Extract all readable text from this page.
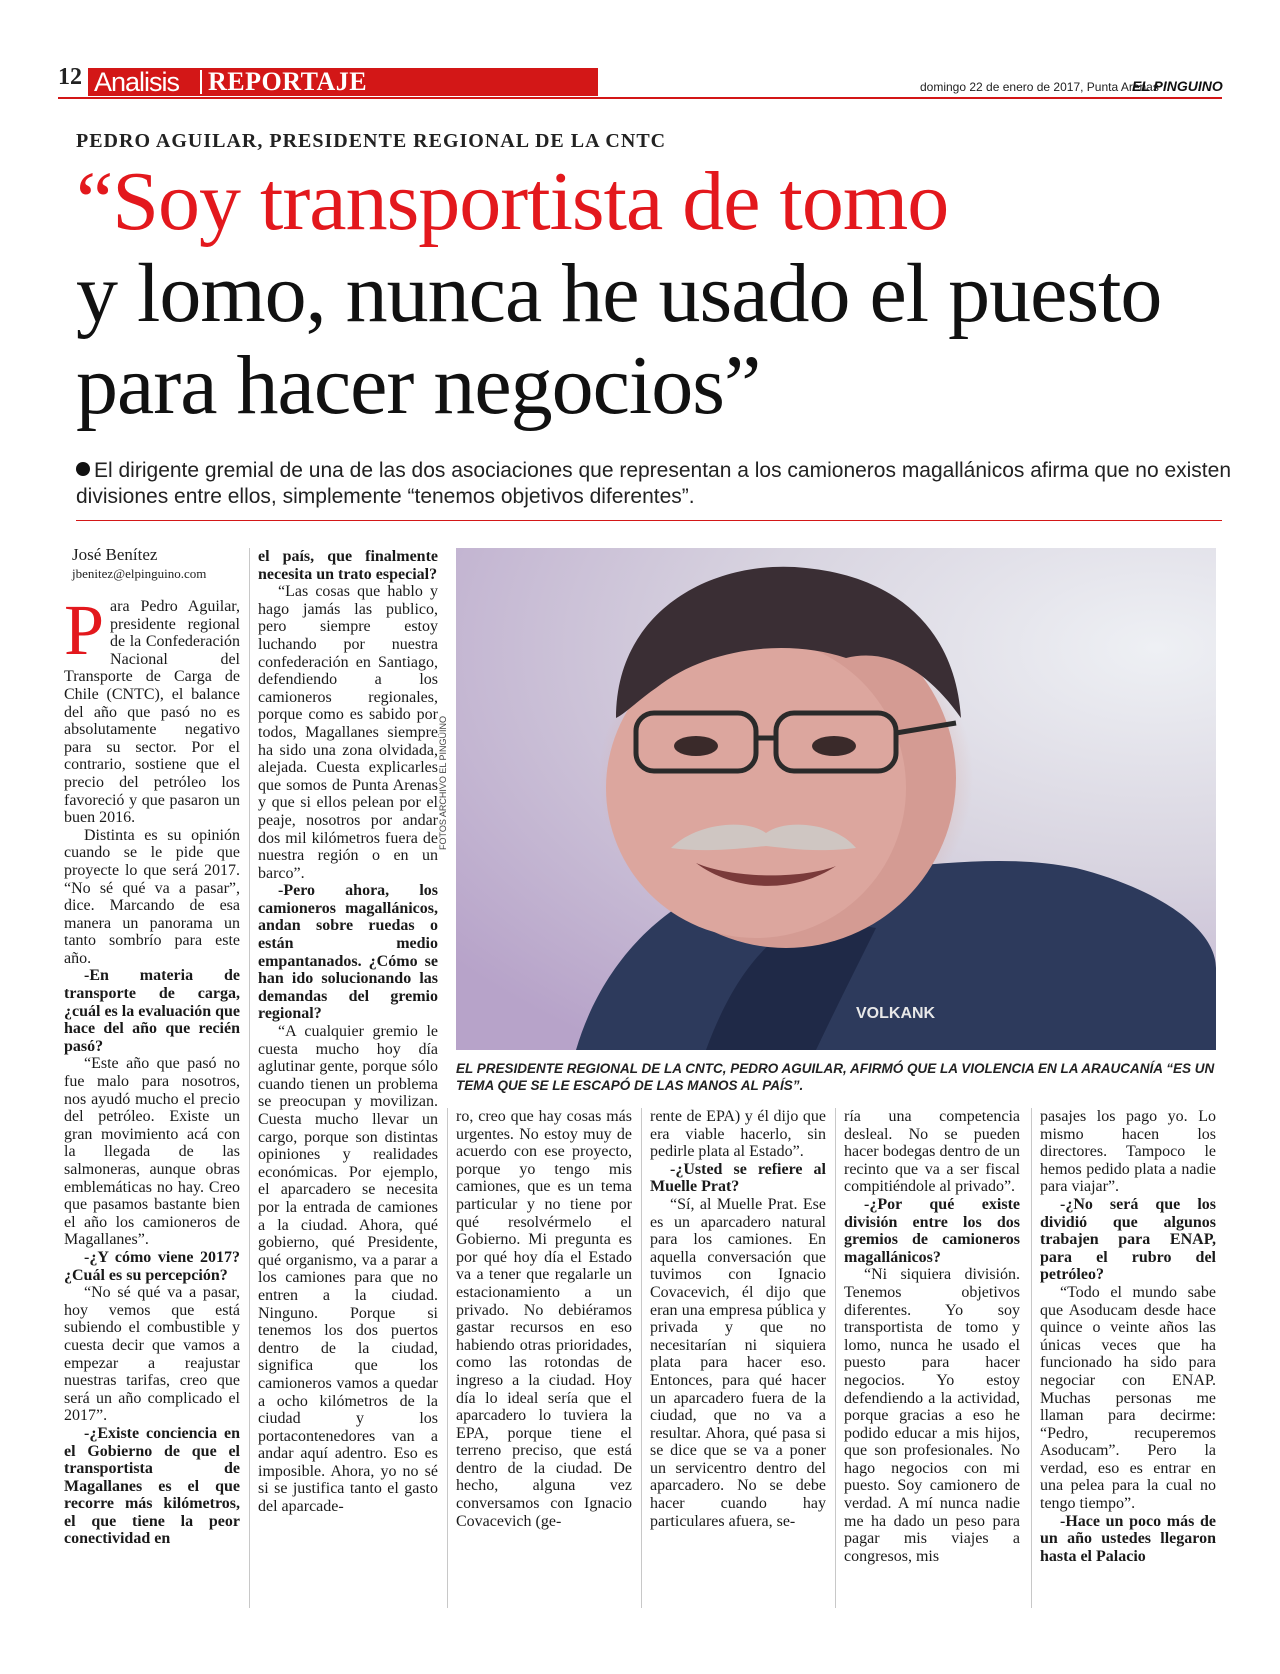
12 Analisis REPORTAJE	domingo 22 de enero de 2017, Punta Arenas
EL PINGUINO
PEDRO AGUILAR, PRESIDENTE REGIONAL DE LA CNTC
“Soy transportista de tomo
y lomo, nunca he usado el puesto para hacer negocios”
El dirigente gremial de una de las dos asociaciones que representan a los camioneros magallánicos afirma que no existen divisiones entre ellos, simplemente “tenemos objetivos diferentes”.
José Benítez
jbenitez@elpinguino.com

Para Pedro Aguilar, presidente regional de la Confederación Nacional del Transporte de Carga de Chile (CNTC), el balance del año que pasó no es absolutamente negativo para su sector. Por el contrario, sostiene que el precio del petróleo los favoreció y que pasaron un buen 2016.

Distinta es su opinión cuando se le pide que proyecte lo que será 2017. “No sé qué va a pasar”, dice. Marcando de esa manera un panorama un tanto sombrío para este año.

-En materia de transporte de carga, ¿cuál es la evaluación que hace del año que recién pasó?

“Este año que pasó no fue malo para nosotros, nos ayudó mucho el precio del petróleo. Existe un gran movimiento acá con la llegada de las salmoneras, aunque obras emblemáticas no hay. Creo que pasamos bastante bien el año los camioneros de Magallanes”.

-¿Y cómo viene 2017? ¿Cuál es su percepción?

“No sé qué va a pasar, hoy vemos que está subiendo el combustible y cuesta decir que vamos a empezar a reajustar nuestras tarifas, creo que será un año complicado el 2017”.

-¿Existe conciencia en el Gobierno de que el transportista de Magallanes es el que recorre más kilómetros, el que tiene la peor conectividad en

el país, que finalmente necesita un trato especial?

“Las cosas que hablo y hago jamás las publico, pero siempre estoy luchando por nuestra confederación en Santiago, defendiendo a los camioneros regionales, porque como es sabido por todos, Magallanes siempre ha sido una zona olvidada, alejada. Cuesta explicarles que somos de Punta Arenas y que si ellos pelean por el peaje, nosotros por andar dos mil kilómetros fuera de nuestra región o en un barco”.

-Pero ahora, los camioneros magallánicos, andan sobre ruedas o están medio empantanados. ¿Cómo se han ido solucionando las demandas del gremio regional?

“A cualquier gremio le cuesta mucho hoy día aglutinar gente, porque sólo cuando tienen un problema se preocupan y movilizan. Cuesta mucho llevar un cargo, porque son distintas opiniones y realidades económicas. Por ejemplo, el aparcadero se necesita por la entrada de camiones a la ciudad. Ahora, qué gobierno, qué Presidente, qué organismo, va a parar a los camiones para que no entren a la ciudad. Ninguno. Porque si tenemos los dos puertos dentro de la ciudad, significa que los camioneros vamos a quedar a ocho kilómetros de la ciudad y los portacontenedores van a andar aquí adentro. Eso es imposible. Ahora, yo no sé si se justifica tanto el gasto del aparcade-

VOLKANK
FOTOS ARCHIVO EL PINGÜINO
EL PRESIDENTE REGIONAL DE LA CNTC, PEDRO AGUILAR, AFIRMÓ QUE LA VIOLENCIA EN LA ARAUCANÍA “ES UN TEMA QUE SE LE ESCAPÓ DE LAS MANOS AL PAÍS”.

ro, creo que hay cosas más urgentes. No estoy muy de acuerdo con ese proyecto, porque yo tengo mis camiones, que es un tema particular y no tiene por qué resolvérmelo el Gobierno. Mi pregunta es por qué hoy día el Estado va a tener que regalarle un estacionamiento a un privado. No debiéramos gastar recursos en eso habiendo otras prioridades, como las rotondas de ingreso a la ciudad. Hoy día lo ideal sería que el aparcadero lo tuviera la EPA, porque tiene el terreno preciso, que está dentro de la ciudad. De hecho, alguna vez conversamos con Ignacio Covacevich (ge-

rente de EPA) y él dijo que era viable hacerlo, sin pedirle plata al Estado”.

-¿Usted se refiere al Muelle Prat?

“Sí, al Muelle Prat. Ese es un aparcadero natural para los camiones. En aquella conversación que tuvimos con Ignacio Covacevich, él dijo que eran una empresa pública y privada y que no necesitarían ni siquiera plata para hacer eso. Entonces, para qué hacer un aparcadero fuera de la ciudad, que no va a resultar. Ahora, qué pasa si se dice que se va a poner un servicentro dentro del aparcadero. No se debe hacer cuando hay particulares afuera, se-

ría una competencia desleal. No se pueden hacer bodegas dentro de un recinto que va a ser fiscal compitiéndole al privado”.

-¿Por qué existe división entre los dos gremios de camioneros magallánicos?

“Ni siquiera división. Tenemos objetivos diferentes. Yo soy transportista de tomo y lomo, nunca he usado el puesto para hacer negocios. Yo estoy defendiendo a la actividad, porque gracias a eso he podido educar a mis hijos, que son profesionales. No hago negocios con mi puesto. Soy camionero de verdad. A mí nunca nadie me ha dado un peso para pagar mis viajes a congresos, mis

pasajes los pago yo. Lo mismo hacen los directores. Tampoco le hemos pedido plata a nadie para viajar”.

-¿No será que los dividió que algunos trabajen para ENAP, para el rubro del petróleo?

“Todo el mundo sabe que Asoducam desde hace quince o veinte años las únicas veces que ha funcionado ha sido para negociar con ENAP. Muchas personas me llaman para decirme: “Pedro, recuperemos Asoducam”. Pero la verdad, eso es entrar en una pelea para la cual no tengo tiempo”.

-Hace un poco más de un año ustedes llegaron hasta el Palacio
